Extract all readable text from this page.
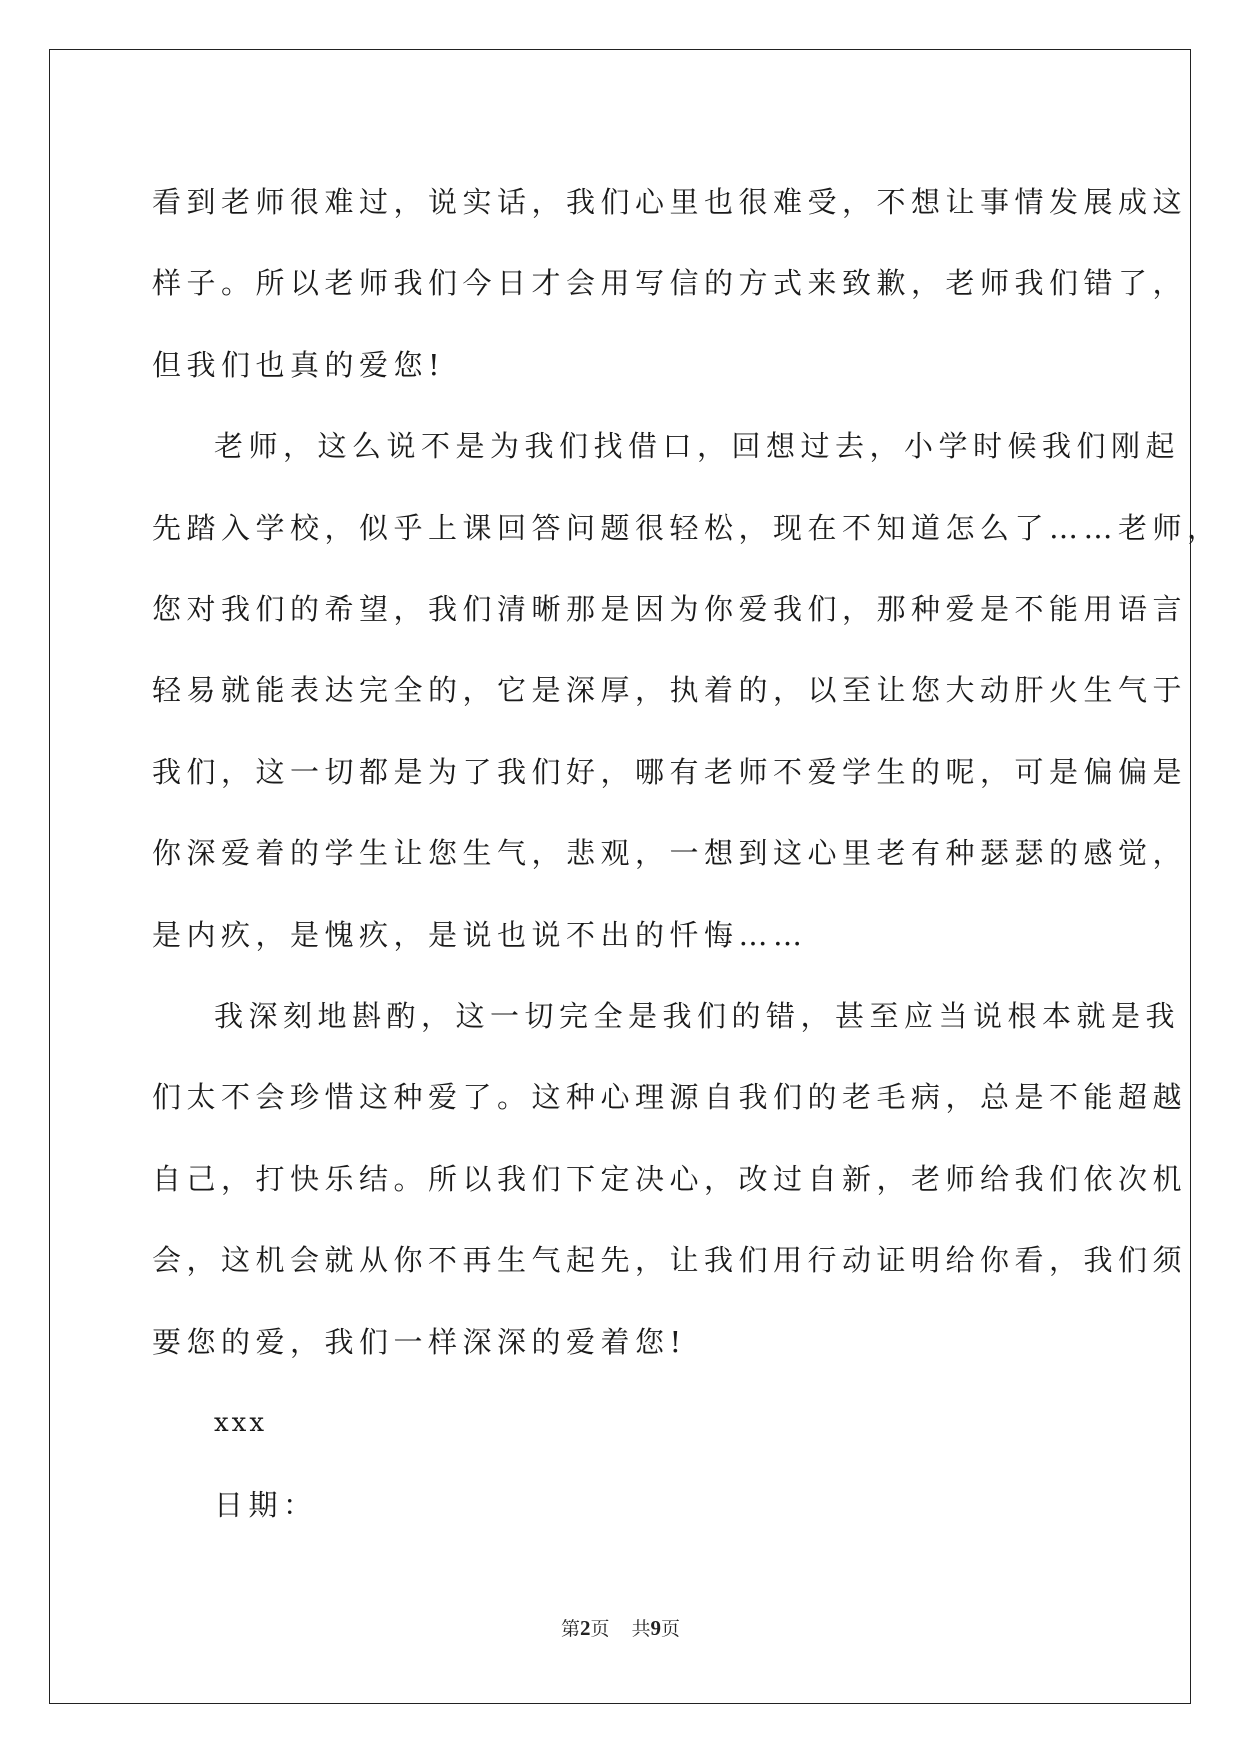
看到老师很难过，说实话，我们心里也很难受，不想让事情发展成这
样子。所以老师我们今日才会用写信的方式来致歉，老师我们错了，
但我们也真的爱您!

老师，这么说不是为我们找借口，回想过去，小学时候我们刚起
先踏入学校，似乎上课回答问题很轻松，现在不知道怎么了……老师，
您对我们的希望，我们清晰那是因为你爱我们，那种爱是不能用语言
轻易就能表达完全的，它是深厚，执着的，以至让您大动肝火生气于
我们，这一切都是为了我们好，哪有老师不爱学生的呢，可是偏偏是
你深爱着的学生让您生气，悲观，一想到这心里老有种瑟瑟的感觉，
是内疚，是愧疚，是说也说不出的忏悔……

我深刻地斟酌，这一切完全是我们的错，甚至应当说根本就是我
们太不会珍惜这种爱了。这种心理源自我们的老毛病，总是不能超越
自己，打快乐结。所以我们下定决心，改过自新，老师给我们依次机
会，这机会就从你不再生气起先，让我们用行动证明给你看，我们须
要您的爱，我们一样深深的爱着您!

xxx

日期：

第2页 共9页
